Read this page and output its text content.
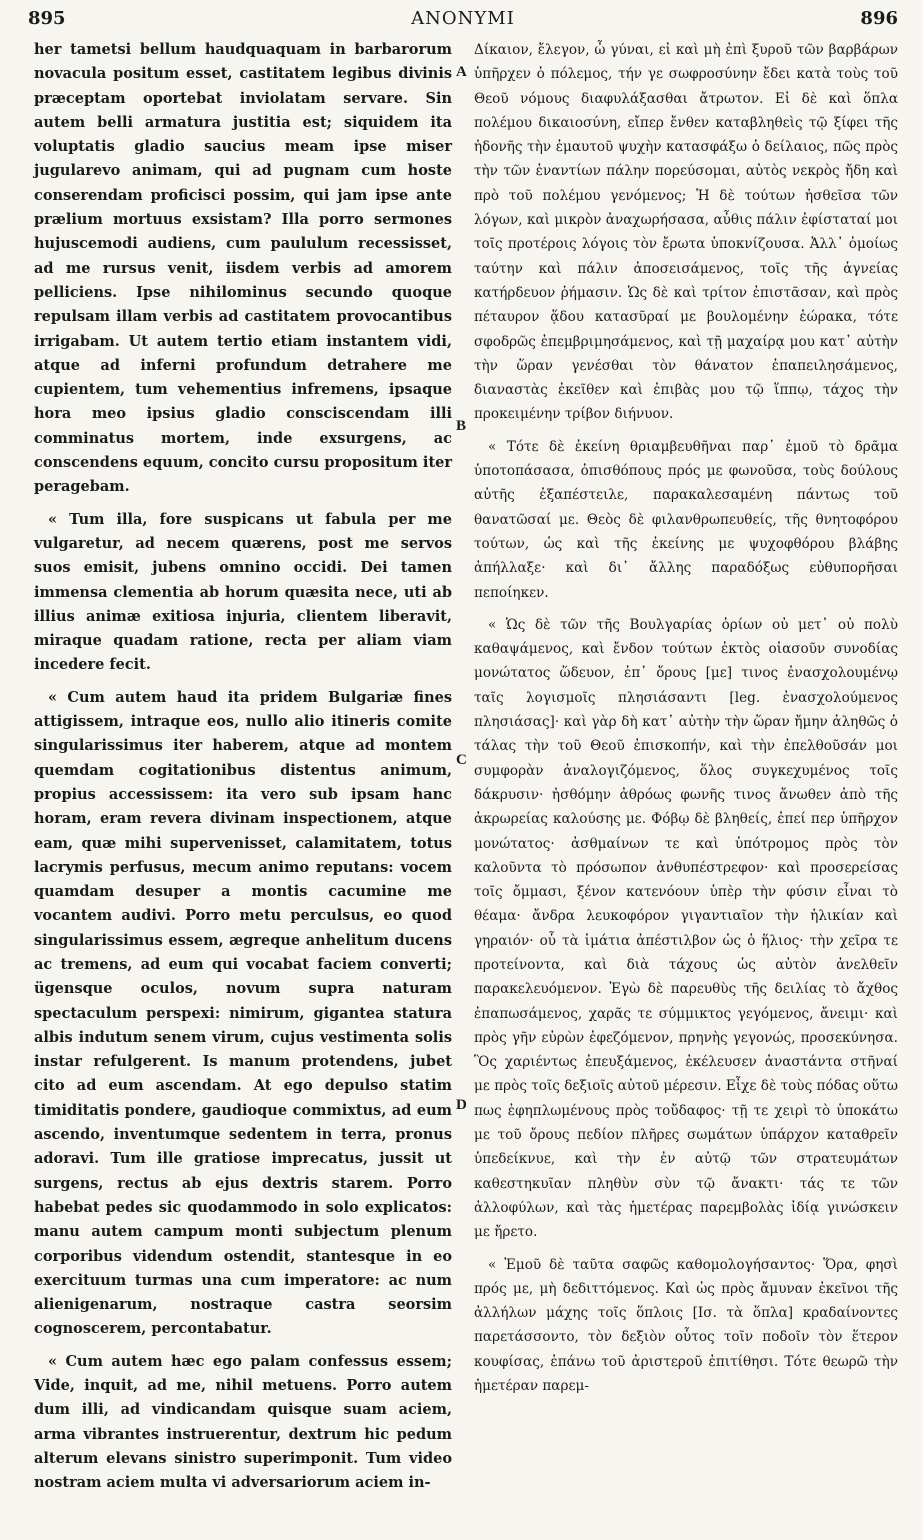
895	ANONYMI	896

her tametsi bellum haudquaquam in barbarorum novacula positum esset, castitatem legibus divinis præceptam oportebat inviolatam servare. Sin autem belli armatura justitia est; siquidem ita voluptatis gladio saucius meam ipse miser jugularevo animam, qui ad pugnam cum hoste conserendam proficisci possim, qui jam ipse ante prælium mortuus exsistam? Illa porro sermones hujuscemodi audiens, cum paululum recessisset, ad me rursus venit, iisdem verbis ad amorem pelliciens. Ipse nihilominus secundo quoque repulsam illam verbis ad castitatem provocantibus irrigabam. Ut autem tertio etiam instantem vidi, atque ad inferni profundum detrahere me cupientem, tum vehementius infremens, ipsaque hora meo ipsius gladio consciscendam illi comminatus mortem, inde exsurgens, ac conscendens equum, concito cursu propositum iter peragebam.

« Tum illa, fore suspicans ut fabula per me vulgaretur, ad necem quærens, post me servos suos emisit, jubens omnino occidi. Dei tamen immensa clementia ab horum quæsita nece, uti ab illius animæ exitiosa injuria, clientem liberavit, miraque quadam ratione, recta per aliam viam incedere fecit.

« Cum autem haud ita pridem Bulgariæ fines attigissem, intraque eos, nullo alio itineris comite singularissimus iter haberem, atque ad montem quemdam cogitationibus distentus animum, propius accessissem: ita vero sub ipsam hanc horam, eram revera divinam inspectionem, atque eam, quæ mihi supervenisset, calamitatem, totus lacrymis perfusus, mecum animo reputans: vocem quamdam desuper a montis cacumine me vocantem audivi. Porro metu perculsus, eo quod singularissimus essem, ægreque anhelitum ducens ac tremens, ad eum qui vocabat faciem converti; ügensque oculos, novum supra naturam spectaculum perspexi: nimirum, gigantea statura albis indutum senem virum, cujus vestimenta solis instar refulgerent. Is manum protendens, jubet cito ad eum ascendam. At ego depulso statim timiditatis pondere, gaudioque commixtus, ad eum ascendo, inventumque sedentem in terra, pronus adoravi. Tum ille gratiose imprecatus, jussit ut surgens, rectus ab ejus dextris starem. Porro habebat pedes sic quodammodo in solo explicatos: manu autem campum monti subjectum plenum corporibus videndum ostendit, stantesque in eo exercituum turmas una cum imperatore: ac num alienigenarum, nostraque castra seorsim cognoscerem, percontabatur.

« Cum autem hæc ego palam confessus essem; Vide, inquit, ad me, nihil metuens. Porro autem dum illi, ad vindicandam quisque suam aciem, arma vibrantes instruerentur, dextrum hic pedum alterum elevans sinistro superimponit. Tum video nostram aciem multa vi adversariorum aciem in-

A
B
C
D

Δίκαιον, ἔλεγον, ὦ γύναι, εἰ καὶ μὴ ἐπὶ ξυροῦ τῶν βαρβάρων ὑπῆρχεν ὁ πόλεμος, τήν γε σωφροσύνην ἔδει κατὰ τοὺς τοῦ Θεοῦ νόμους διαφυλάξασθαι ἄτρωτον. Εἰ δὲ καὶ ὅπλα πολέμου δικαιοσύνη, εἴπερ ἔνθεν καταβληθεὶς τῷ ξίφει τῆς ἡδονῆς τὴν ἐμαυτοῦ ψυχὴν κατασφάξω ὁ δείλαιος, πῶς πρὸς τὴν τῶν ἐναντίων πάλην πορεύσομαι, αὐτὸς νεκρὸς ἤδη καὶ πρὸ τοῦ πολέμου γενόμενος; Ἡ δὲ τούτων ἠσθεῖσα τῶν λόγων, καὶ μικρὸν ἀναχωρήσασα, αὖθις πάλιν ἐφίσταταί μοι τοῖς προτέροις λόγοις τὸν ἔρωτα ὑποκνίζουσα. Ἀλλ᾽ ὁμοίως ταύτην καὶ πάλιν ἀποσεισάμενος, τοῖς τῆς ἁγνείας κατήρδευον ῥήμασιν. Ὡς δὲ καὶ τρίτον ἐπιστᾶσαν, καὶ πρὸς πέταυρον ᾅδου κατασῦραί με βουλομένην ἑώρακα, τότε σφοδρῶς ἐπεμβριμησάμενος, καὶ τῇ μαχαίρᾳ μου κατ᾽ αὐτὴν τὴν ὥραν γενέσθαι τὸν θάνατον ἐπαπειλησάμενος, διαναστὰς ἐκεῖθεν καὶ ἐπιβὰς μου τῷ ἵππῳ, τάχος τὴν προκειμένην τρίβον διήνυον.

« Τότε δὲ ἐκείνη θριαμβευθῆναι παρ᾽ ἐμοῦ τὸ δρᾶμα ὑποτοπάσασα, ὀπισθόπους πρός με φωνοῦσα, τοὺς δούλους αὐτῆς ἐξαπέστειλε, παρακαλεσαμένη πάντως τοῦ θανατῶσαί με. Θεὸς δὲ φιλανθρωπευθείς, τῆς θνητοφόρου τούτων, ὡς καὶ τῆς ἐκείνης με ψυχοφθόρου βλάβης ἀπήλλαξε· καὶ δι᾽ ἄλλης παραδόξως εὐθυπορῆσαι πεποίηκεν.

« Ὡς δὲ τῶν τῆς Βουλγαρίας ὁρίων οὐ μετ᾽ οὐ πολὺ καθαψάμενος, καὶ ἔνδον τούτων ἐκτὸς οἰασοῦν συνοδίας μονώτατος ὥδευον, ἐπ᾽ ὄρους [με] τινος ἐνασχολουμένῳ ταῖς λογισμοῖς πλησιάσαντι [leg. ἐνασχολούμενος πλησιάσας]· καὶ γὰρ δὴ κατ᾽ αὐτὴν τὴν ὥραν ἤμην ἀληθῶς ὁ τάλας τὴν τοῦ Θεοῦ ἐπισκοπήν, καὶ τὴν ἐπελθοῦσάν μοι συμφορὰν ἀναλογιζόμενος, ὅλος συγκεχυμένος τοῖς δάκρυσιν· ἠσθόμην ἀθρόως φωνῆς τινος ἄνωθεν ἀπὸ τῆς ἀκρωρείας καλούσης με. Φόβῳ δὲ βληθείς, ἐπεί περ ὑπῆρχον μονώτατος· ἀσθμαίνων τε καὶ ὑπότρομος πρὸς τὸν καλοῦντα τὸ πρόσωπον ἀνθυπέστρεφον· καὶ προσερείσας τοῖς ὄμμασι, ξένον κατενόουν ὑπὲρ τὴν φύσιν εἶναι τὸ θέαμα· ἄνδρα λευκοφόρον γιγαντιαῖον τὴν ἡλικίαν καὶ γηραιόν· οὗ τὰ ἱμάτια ἀπέστιλβον ὡς ὁ ἥλιος· τὴν χεῖρα τε προτείνοντα, καὶ διὰ τάχους ὡς αὐτὸν ἀνελθεῖν παρακελευόμενον. Ἐγὼ δὲ παρευθὺς τῆς δειλίας τὸ ἄχθος ἐπαπωσάμενος, χαρᾶς τε σύμμικτος γεγόμενος, ἄνειμι· καὶ πρὸς γῆν εὑρὼν ἐφεζόμενον, πρηνὴς γεγονώς, προσεκύνησα. Ὃς χαριέντως ἐπευξάμενος, ἐκέλευσεν ἀναστάντα στῆναί με πρὸς τοῖς δεξιοῖς αὐτοῦ μέρεσιν. Εἶχε δὲ τοὺς πόδας οὕτω πως ἐφηπλωμένους πρὸς τοὔδαφος· τῇ τε χειρὶ τὸ ὑποκάτω με τοῦ ὄρους πεδίον πλῆρες σωμάτων ὑπάρχον καταθρεῖν ὑπεδείκνυε, καὶ τὴν ἐν αὐτῷ τῶν στρατευμάτων καθεστηκυῖαν πληθὺν σὺν τῷ ἄνακτι· τάς τε τῶν ἀλλοφύλων, καὶ τὰς ἡμετέρας παρεμβολὰς ἰδίᾳ γινώσκειν με ἤρετο.

« Ἐμοῦ δὲ ταῦτα σαφῶς καθομολογήσαντος· Ὅρα, φησὶ πρός με, μὴ δεδιττόμενος. Καὶ ὡς πρὸς ἄμυναν ἐκεῖνοι τῆς ἀλλήλων μάχης τοῖς ὅπλοις [Ισ. τὰ ὅπλα] κραδαίνοντες παρετάσσοντο, τὸν δεξιὸν οὗτος τοῖν ποδοῖν τὸν ἕτερον κουφίσας, ἐπάνω τοῦ ἀριστεροῦ ἐπιτίθησι. Τότε θεωρῶ τὴν ἡμετέραν παρεμ-
